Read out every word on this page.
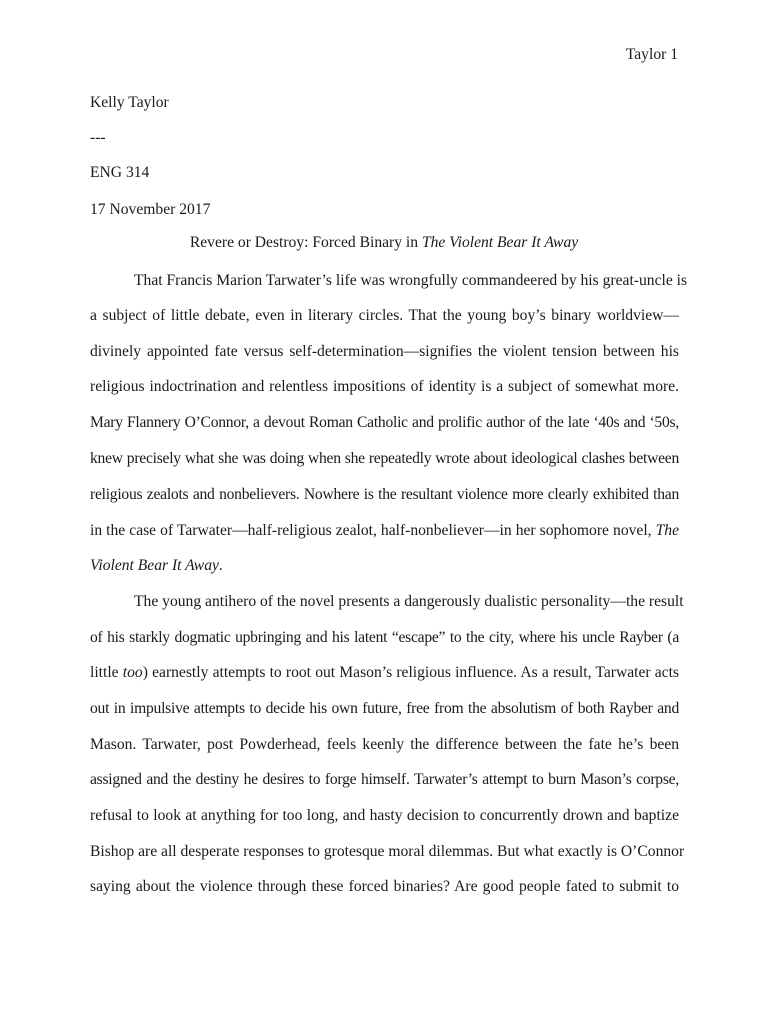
Taylor 1
Kelly Taylor
---
ENG 314
17 November 2017
Revere or Destroy: Forced Binary in The Violent Bear It Away
That Francis Marion Tarwater’s life was wrongfully commandeered by his great-uncle is
a subject of little debate, even in literary circles. That the young boy’s binary worldview—
divinely appointed fate versus self-determination—signifies the violent tension between his
religious indoctrination and relentless impositions of identity is a subject of somewhat more.
Mary Flannery O’Connor, a devout Roman Catholic and prolific author of the late ‘40s and ‘50s,
knew precisely what she was doing when she repeatedly wrote about ideological clashes between
religious zealots and nonbelievers. Nowhere is the resultant violence more clearly exhibited than
in the case of Tarwater—half-religious zealot, half-nonbeliever—in her sophomore novel, The
Violent Bear It Away.
The young antihero of the novel presents a dangerously dualistic personality—the result
of his starkly dogmatic upbringing and his latent “escape” to the city, where his uncle Rayber (a
little too) earnestly attempts to root out Mason’s religious influence. As a result, Tarwater acts
out in impulsive attempts to decide his own future, free from the absolutism of both Rayber and
Mason. Tarwater, post Powderhead, feels keenly the difference between the fate he’s been
assigned and the destiny he desires to forge himself. Tarwater’s attempt to burn Mason’s corpse,
refusal to look at anything for too long, and hasty decision to concurrently drown and baptize
Bishop are all desperate responses to grotesque moral dilemmas. But what exactly is O’Connor
saying about the violence through these forced binaries? Are good people fated to submit to
